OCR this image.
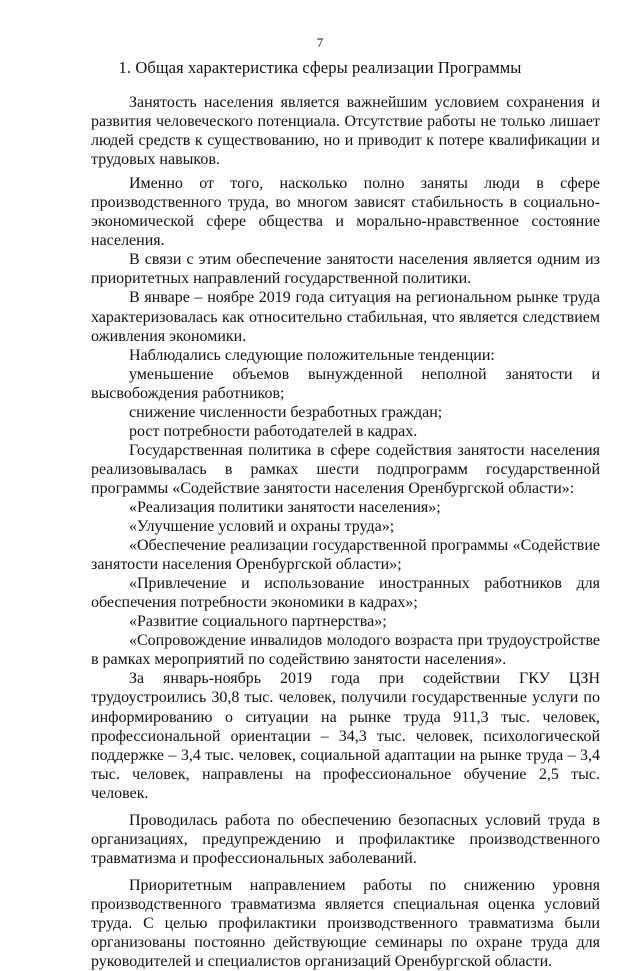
7
1. Общая характеристика сферы реализации Программы

Занятость населения является важнейшим условием сохранения и развития человеческого потенциала. Отсутствие работы не только лишает людей средств к существованию, но и приводит к потере квалификации и трудовых навыков.

Именно от того, насколько полно заняты люди в сфере производственного труда, во многом зависят стабильность в социально-экономической сфере общества и морально-нравственное состояние населения.

В связи с этим обеспечение занятости населения является одним из приоритетных направлений государственной политики.

В январе – ноябре 2019 года ситуация на региональном рынке труда характеризовалась как относительно стабильная, что является следствием оживления экономики.

Наблюдались следующие положительные тенденции:

уменьшение объемов вынужденной неполной занятости и высвобождения работников;

снижение численности безработных граждан;

рост потребности работодателей в кадрах.

Государственная политика в сфере содействия занятости населения реализовывалась в рамках шести подпрограмм государственной программы «Содействие занятости населения Оренбургской области»:

«Реализация политики занятости населения»;

«Улучшение условий и охраны труда»;

«Обеспечение реализации государственной программы «Содействие занятости населения Оренбургской области»;

«Привлечение и использование иностранных работников для обеспечения потребности экономики в кадрах»;

«Развитие социального партнерства»;

«Сопровождение инвалидов молодого возраста при трудоустройстве в рамках мероприятий по содействию занятости населения».

За январь-ноябрь 2019 года при содействии ГКУ ЦЗН трудоустроились 30,8 тыс. человек, получили государственные услуги по информированию о ситуации на рынке труда 911,3 тыс. человек, профессиональной ориентации – 34,3 тыс. человек, психологической поддержке – 3,4 тыс. человек, социальной адаптации на рынке труда – 3,4 тыс. человек, направлены на профессиональное обучение 2,5 тыс. человек.

Проводилась работа по обеспечению безопасных условий труда в организациях, предупреждению и профилактике производственного травматизма и профессиональных заболеваний.

Приоритетным направлением работы по снижению уровня производственного травматизма является специальная оценка условий труда. С целью профилактики производственного травматизма были организованы постоянно действующие семинары по охране труда для руководителей и специалистов организаций Оренбургской области.
